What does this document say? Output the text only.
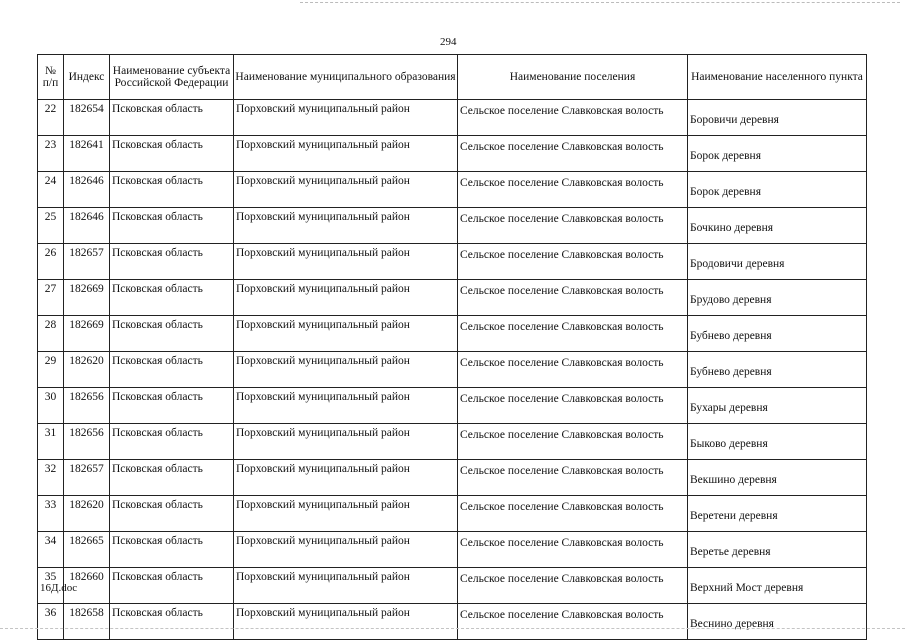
294
№ п/п	Индекс	Наименование субъекта Российской Федерации	Наименование муниципального образования	Наименование поселения	Наименование населенного пункта
22	182654	Псковская область	Порховский муниципальный район	Сельское поселение Славковская волость	Боровичи деревня
23	182641	Псковская область	Порховский муниципальный район	Сельское поселение Славковская волость	Борок деревня
24	182646	Псковская область	Порховский муниципальный район	Сельское поселение Славковская волость	Борок деревня
25	182646	Псковская область	Порховский муниципальный район	Сельское поселение Славковская волость	Бочкино деревня
26	182657	Псковская область	Порховский муниципальный район	Сельское поселение Славковская волость	Бродовичи деревня
27	182669	Псковская область	Порховский муниципальный район	Сельское поселение Славковская волость	Брудово деревня
28	182669	Псковская область	Порховский муниципальный район	Сельское поселение Славковская волость	Бубнево деревня
29	182620	Псковская область	Порховский муниципальный район	Сельское поселение Славковская волость	Бубнево деревня
30	182656	Псковская область	Порховский муниципальный район	Сельское поселение Славковская волость	Бухары деревня
31	182656	Псковская область	Порховский муниципальный район	Сельское поселение Славковская волость	Быково деревня
32	182657	Псковская область	Порховский муниципальный район	Сельское поселение Славковская волость	Векшино деревня
33	182620	Псковская область	Порховский муниципальный район	Сельское поселение Славковская волость	Веретени деревня
34	182665	Псковская область	Порховский муниципальный район	Сельское поселение Славковская волость	Веретье деревня
35	182660	Псковская область	Порховский муниципальный район	Сельское поселение Славковская волость	Верхний Мост деревня
36	182658	Псковская область	Порховский муниципальный район	Сельское поселение Славковская волость	Веснино деревня
16Д.doc
